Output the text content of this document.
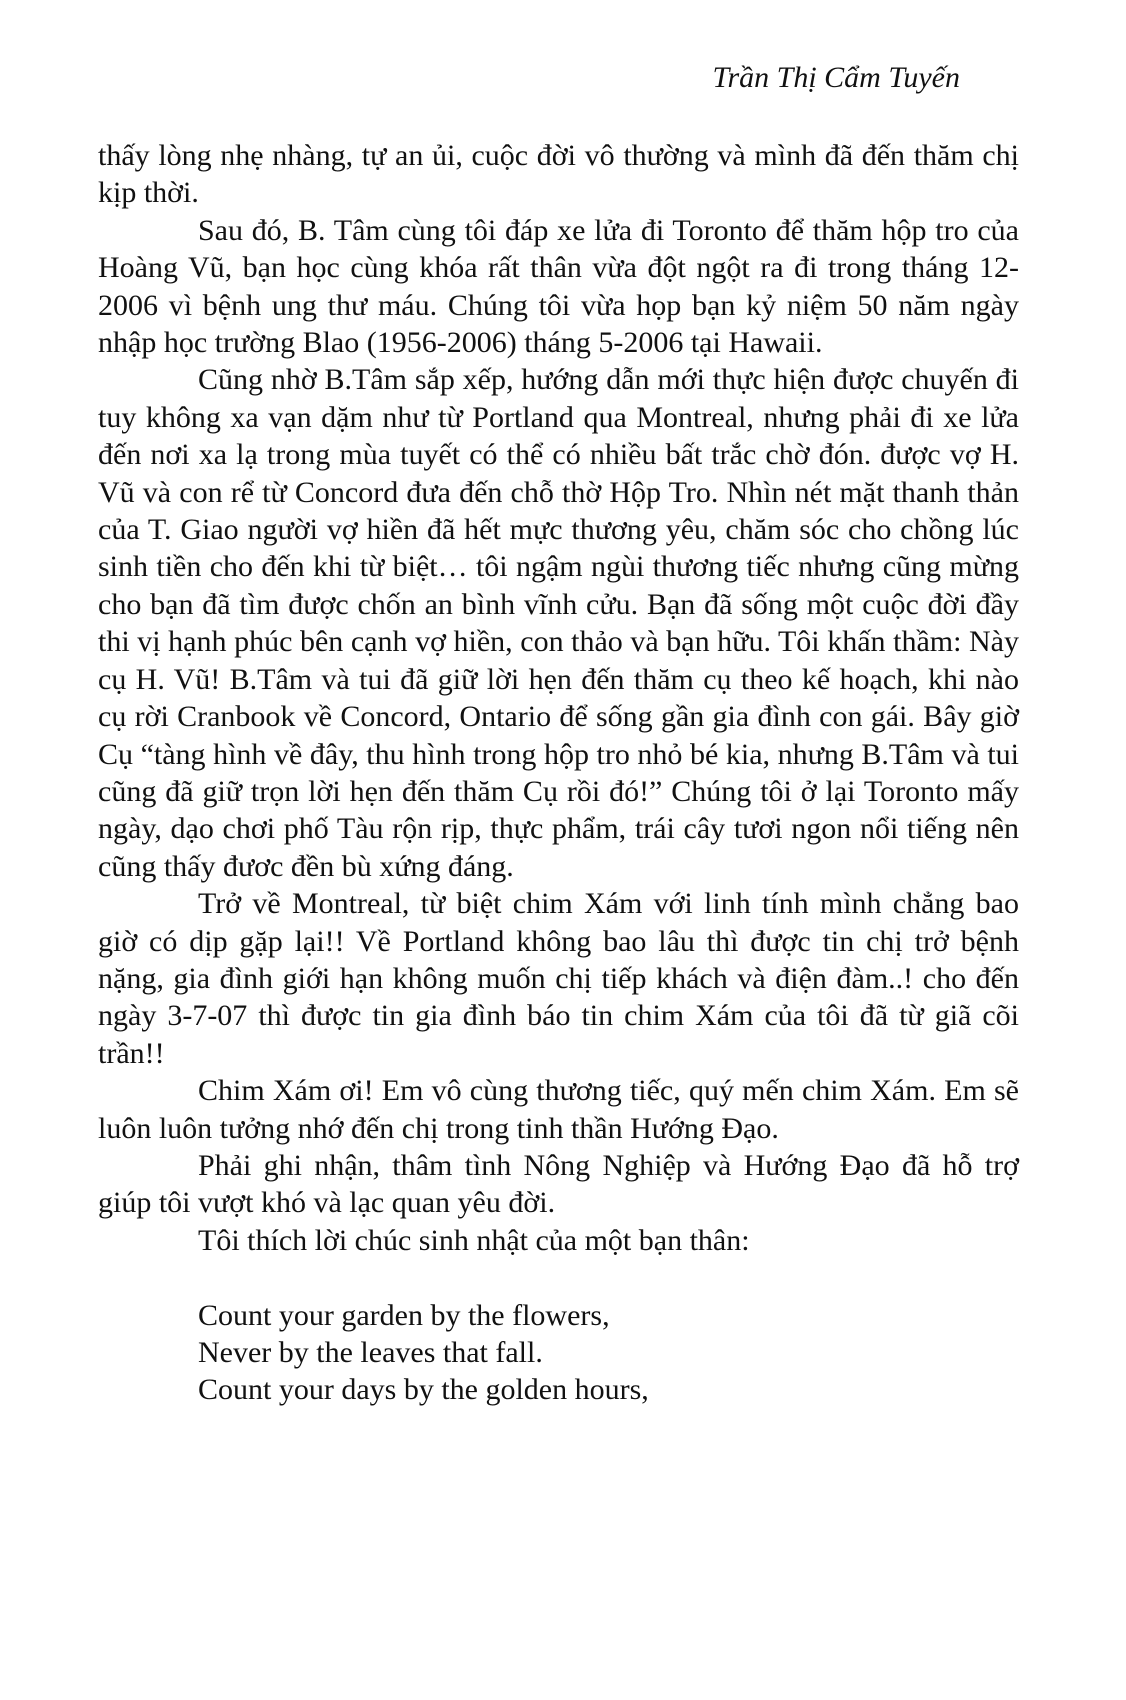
Trần Thị Cẩm Tuyến

thấy lòng nhẹ nhàng, tự an ủi, cuộc đời vô thường và mình đã đến thăm chị kịp thời.

Sau đó, B. Tâm cùng tôi đáp xe lửa đi Toronto để thăm hộp tro của Hoàng Vũ, bạn học cùng khóa rất thân vừa đột ngột ra đi trong tháng 12-2006 vì bệnh ung thư máu. Chúng tôi vừa họp bạn kỷ niệm 50 năm ngày nhập học trường Blao (1956-2006) tháng 5-2006 tại Hawaii.

Cũng nhờ B.Tâm sắp xếp, hướng dẫn mới thực hiện được chuyến đi tuy không xa vạn dặm như từ Portland qua Montreal, nhưng phải đi xe lửa đến nơi xa lạ trong mùa tuyết có thể có nhiều bất trắc chờ đón. được vợ H. Vũ và con rể từ Concord đưa đến chỗ thờ Hộp Tro. Nhìn nét mặt thanh thản của T. Giao người vợ hiền đã hết mực thương yêu, chăm sóc cho chồng lúc sinh tiền cho đến khi từ biệt… tôi ngậm ngùi thương tiếc nhưng cũng mừng cho bạn đã tìm được chốn an bình vĩnh cửu. Bạn đã sống một cuộc đời đầy thi vị hạnh phúc bên cạnh vợ hiền, con thảo và bạn hữu. Tôi khấn thầm: Này cụ H. Vũ! B.Tâm và tui đã giữ lời hẹn đến thăm cụ theo kế hoạch, khi nào cụ rời Cranbook về Concord, Ontario để sống gần gia đình con gái. Bây giờ Cụ “tàng hình về đây, thu hình trong hộp tro nhỏ bé kia, nhưng B.Tâm và tui cũng đã giữ trọn lời hẹn đến thăm Cụ rồi đó!” Chúng tôi ở lại Toronto mấy ngày, dạo chơi phố Tàu rộn rịp, thực phẩm, trái cây tươi ngon nổi tiếng nên cũng thấy đươc đền bù xứng đáng.

Trở về Montreal, từ biệt chim Xám với linh tính mình chẳng bao giờ có dịp gặp lại!! Về Portland không bao lâu thì được tin chị trở bệnh nặng, gia đình giới hạn không muốn chị tiếp khách và điện đàm..! cho đến ngày 3-7-07 thì được tin gia đình báo tin chim Xám của tôi đã từ giã cõi trần!!

Chim Xám ơi! Em vô cùng thương tiếc, quý mến chim Xám. Em sẽ luôn luôn tưởng nhớ đến chị trong tinh thần Hướng Đạo.

Phải ghi nhận, thâm tình Nông Nghiệp và Hướng Đạo đã hỗ trợ giúp tôi vượt khó và lạc quan yêu đời.

Tôi thích lời chúc sinh nhật của một bạn thân:

Count your garden by the flowers,
Never by the leaves that fall.
Count your days by the golden hours,
